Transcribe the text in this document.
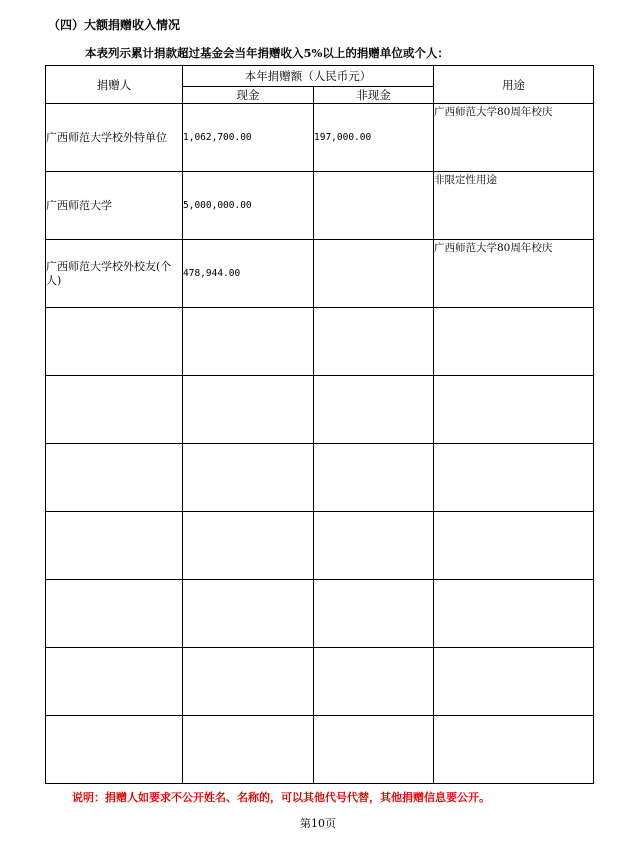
（四）大额捐赠收入情况
本表列示累计捐款超过基金会当年捐赠收入5%以上的捐赠单位或个人：
捐赠人	本年捐赠额（人民币元）		用途
	现金	非现金	
广西师范大学校外特单位	1,062,700.00	197,000.00	广西师范大学80周年校庆
广西师范大学	5,000,000.00		非限定性用途
广西师范大学校外校友(个人)	478,944.00		广西师范大学80周年校庆

说明：捐赠人如要求不公开姓名、名称的，可以其他代号代替，其他捐赠信息要公开。
第10页
